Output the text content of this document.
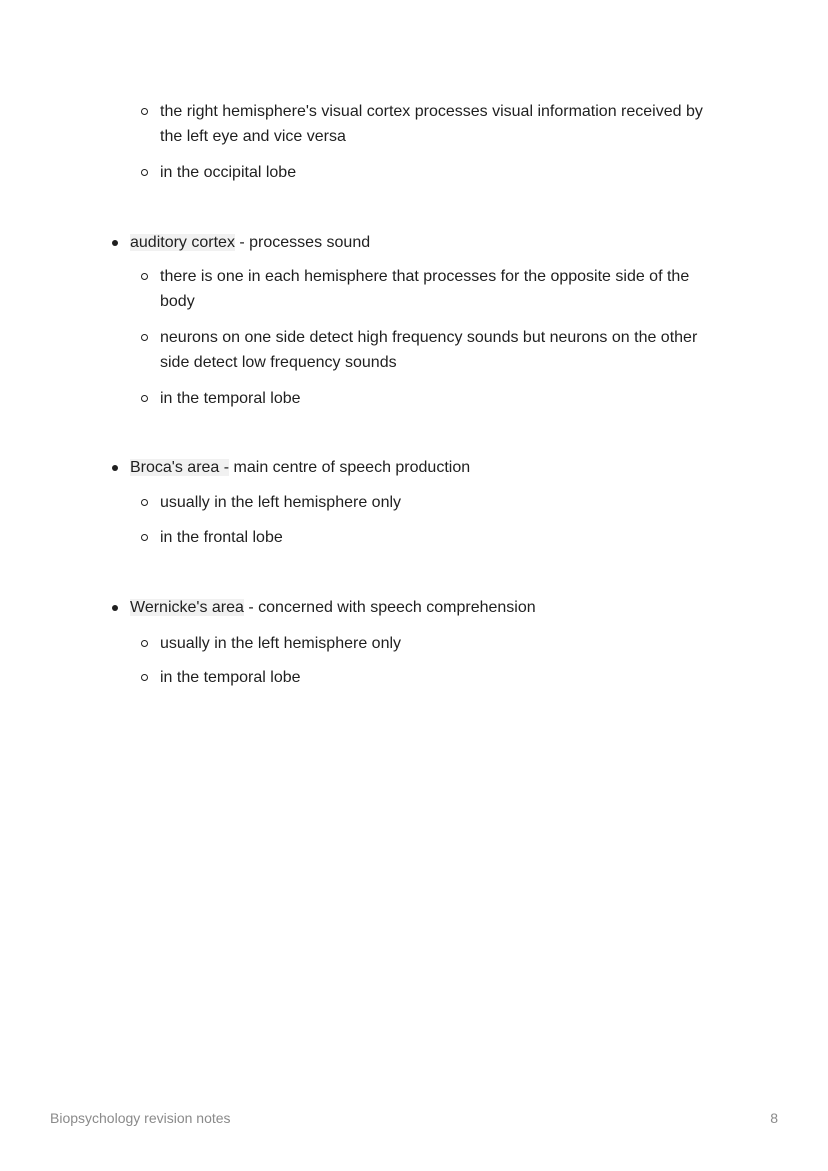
the right hemisphere's visual cortex processes visual information received by
the left eye and vice versa
in the occipital lobe
auditory cortex - processes sound
there is one in each hemisphere that processes for the opposite side of the
body
neurons on one side detect high frequency sounds but neurons on the other
side detect low frequency sounds
in the temporal lobe
Broca's area - main centre of speech production
usually in the left hemisphere only
in the frontal lobe
Wernicke's area - concerned with speech comprehension
usually in the left hemisphere only
in the temporal lobe
Biopsychology revision notes	8
